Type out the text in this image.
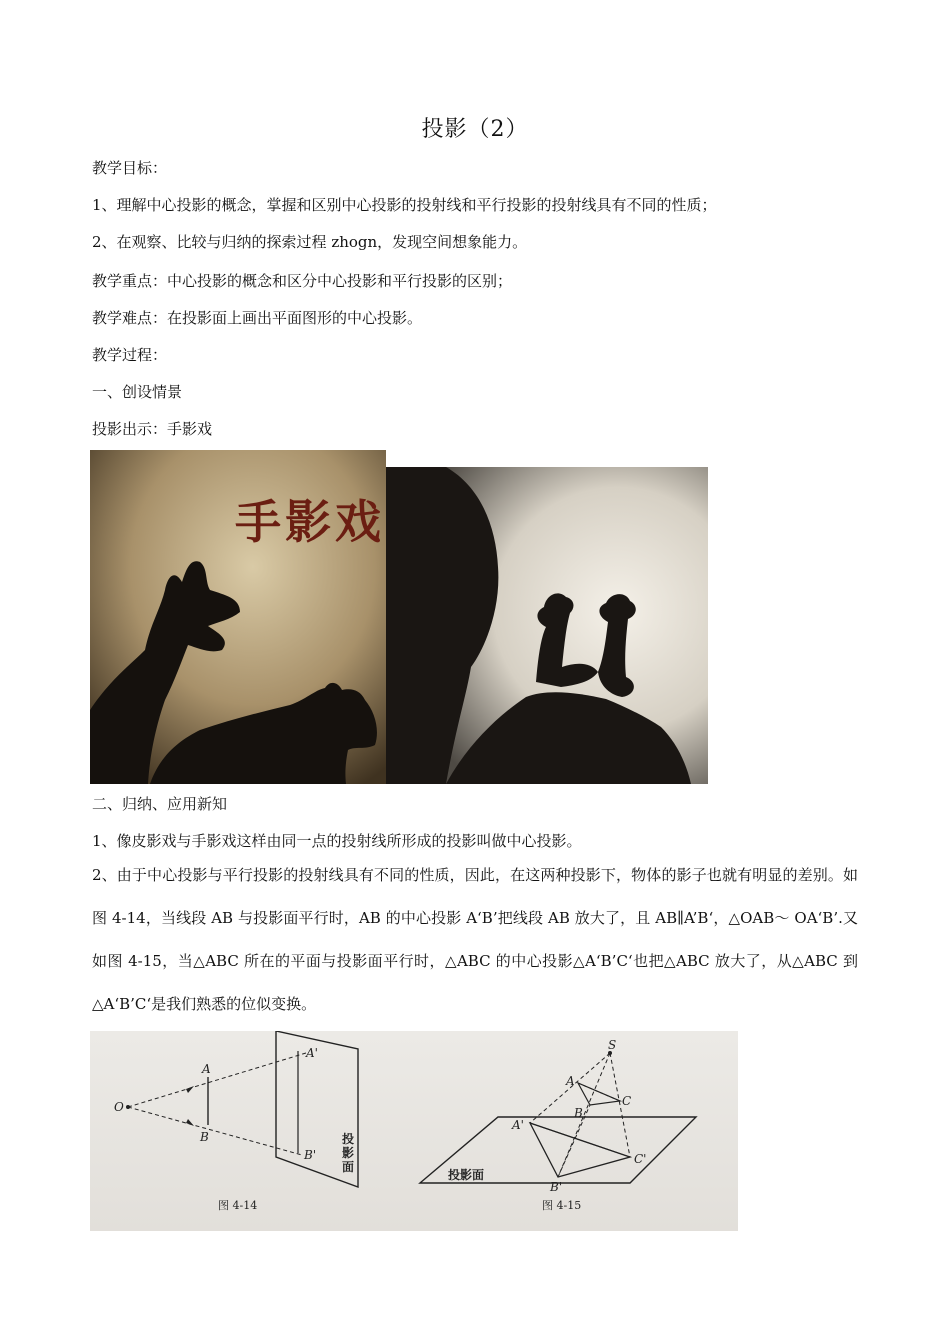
投影（2）
教学目标：
1、理解中心投影的概念，掌握和区别中心投影的投射线和平行投影的投射线具有不同的性质；
2、在观察、比较与归纳的探索过程 zhogn，发现空间想象能力。
教学重点：中心投影的概念和区分中心投影和平行投影的区别；
教学难点：在投影面上画出平面图形的中心投影。
教学过程：
一、创设情景
投影出示：手影戏
手影戏
二、归纳、应用新知
1、像皮影戏与手影戏这样由同一点的投射线所形成的投影叫做中心投影。
2、由于中心投影与平行投影的投射线具有不同的性质，因此，在这两种投影下，物体的影子也就有明显的差别。如图 4-14，当线段 AB 与投影面平行时，AB 的中心投影 A‘B’把线段 AB 放大了，且 AB∥A’B‘，△OAB～ OA‘B’.又如图 4-15，当△ABC 所在的平面与投影面平行时，△ABC 的中心投影△A‘B’C‘也把△ABC 放大了，从△ABC 到△A‘B’C‘是我们熟悉的位似变换。
O
A
B
A'
B'
投
影
面
图 4-14
S
A
B
C
A'
B'
C'
投影面
图 4-15
